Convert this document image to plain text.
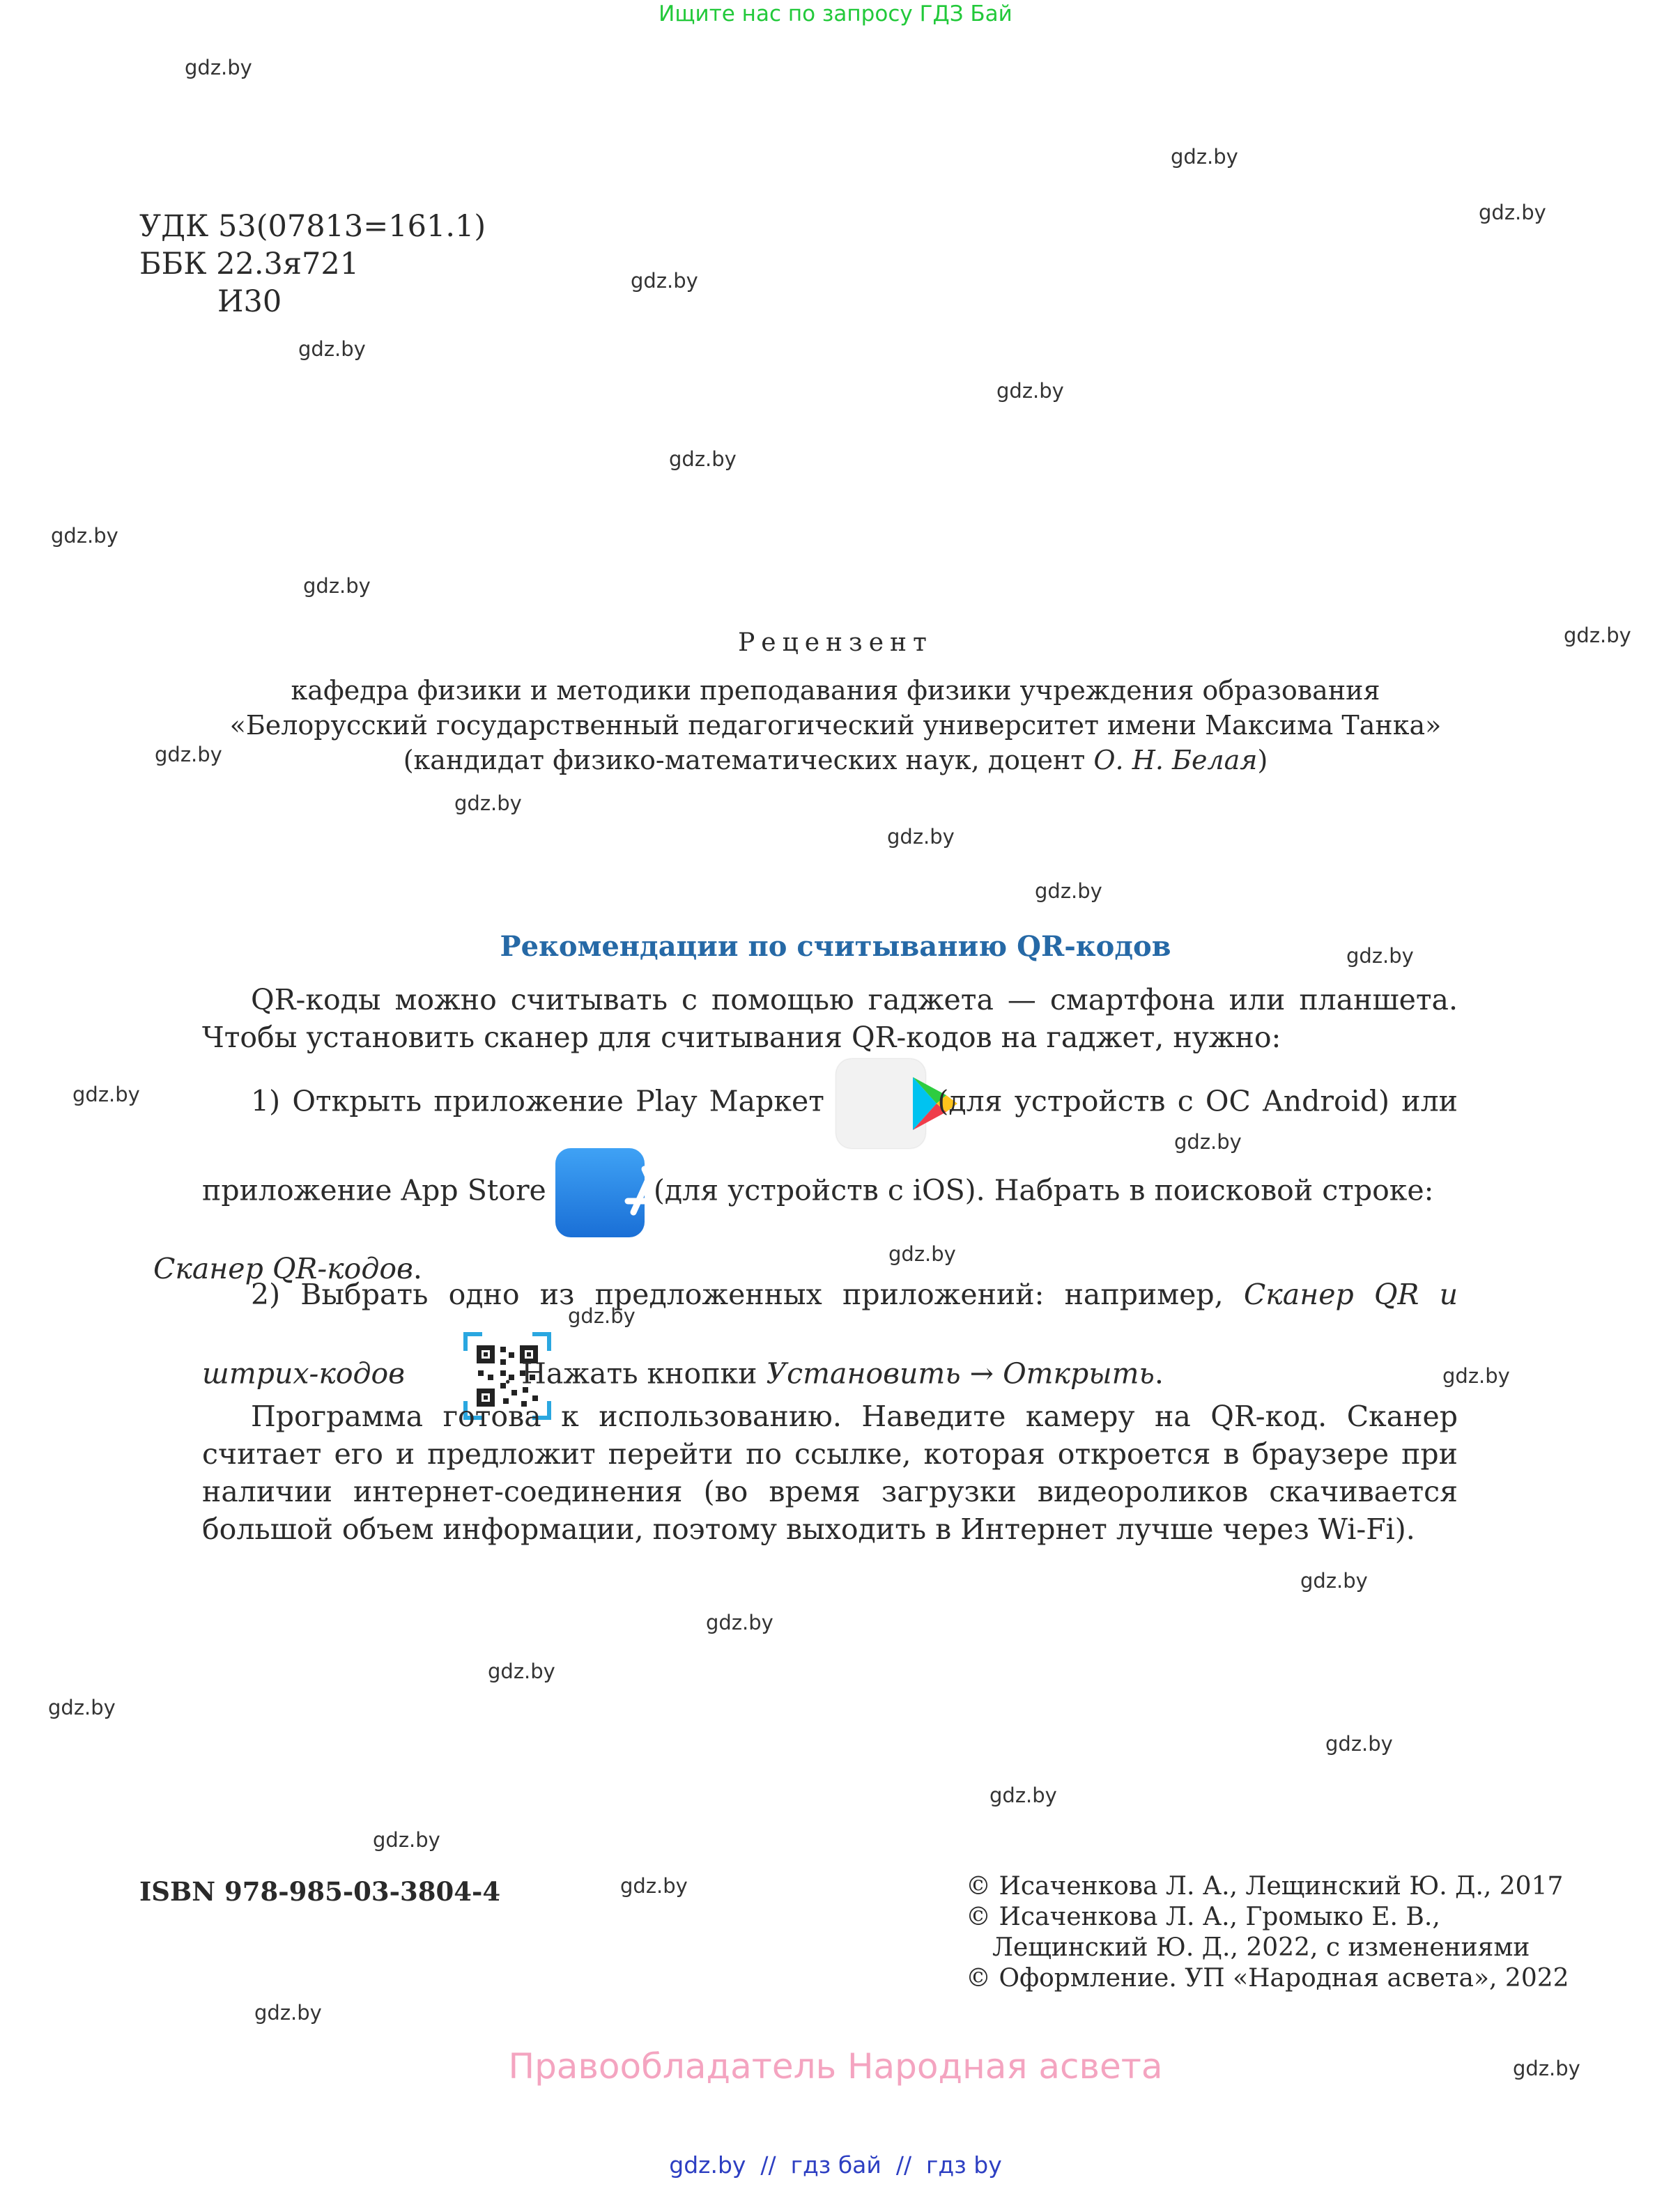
Ищите нас по запросу ГДЗ Бай
gdz.by
gdz.by
gdz.by
gdz.by
gdz.by
gdz.by
gdz.by
gdz.by
gdz.by
gdz.by
gdz.by
gdz.by
gdz.by
gdz.by
gdz.by
gdz.by
gdz.by
gdz.by
gdz.by
gdz.by
gdz.by
gdz.by
gdz.by
gdz.by
gdz.by
gdz.by
gdz.by
gdz.by
gdz.by
gdz.by
УДК 53(07813=161.1)
ББК 22.3я721
И30
Рецензент
кафедра физики и методики преподавания физики учреждения образования
«Белорусский государственный педагогический университет имени Максима Танка»
(кандидат физико-математических наук, доцент О. Н. Белая)
Рекомендации по считыванию QR-кодов
QR-коды можно считывать с помощью гаджета — смартфона или планшета. Чтобы установить сканер для считывания QR-кодов на гаджет, нужно:
1) Открыть приложение Play Маркет	(для устройств с ОС Android) или приложение App Store	(для устройств с iOS). Набрать в поисковой строке:
Сканер QR-кодов.
2) Выбрать одно из предложенных приложений: например, Сканер QR и штрих-кодов	. Нажать кнопки Установить → Открыть.
Программа готова к использованию. Наведите камеру на QR-код. Сканер считает его и предложит перейти по ссылке, которая откроется в браузере при наличии интернет-соединения (во время загрузки видеороликов скачивается большой объем информации, поэтому выходить в Интернет лучше через Wi-Fi).
ISBN 978-985-03-3804-4	© Исаченкова Л. А., Лещинский Ю. Д., 2017
© Исаченкова Л. А., Громыко Е. В.,
Лещинский Ю. Д., 2022, с изменениями
© Оформление. УП «Народная асвета», 2022
Правообладатель Народная асвета
gdz.by  //  гдз бай  //  гдз by
